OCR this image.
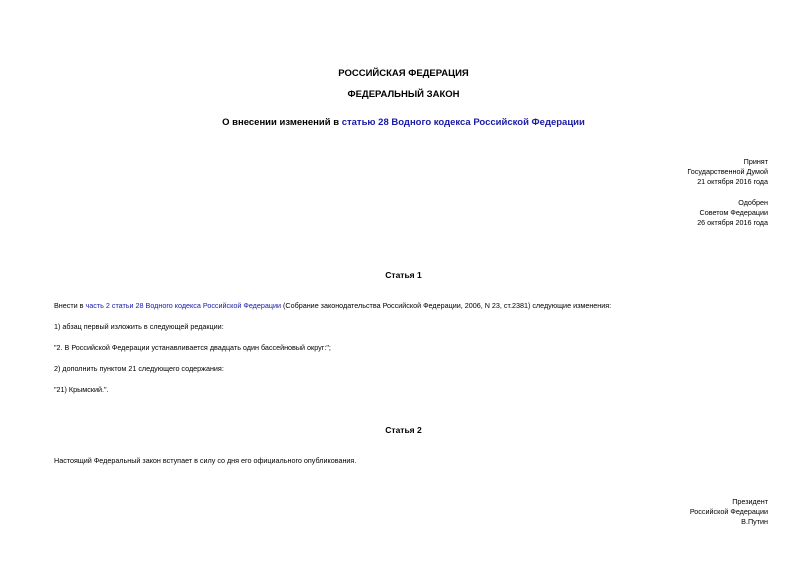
РОССИЙСКАЯ ФЕДЕРАЦИЯ
ФЕДЕРАЛЬНЫЙ ЗАКОН
О внесении изменений в статью 28 Водного кодекса Российской Федерации
Принят
Государственной Думой
21 октября 2016 года
Одобрен
Советом Федерации
26 октября 2016 года
Статья 1
Внести в часть 2 статьи 28 Водного кодекса Российской Федерации (Собрание законодательства Российской Федерации, 2006, N 23, ст.2381) следующие изменения:
1) абзац первый изложить в следующей редакции:
"2. В Российской Федерации устанавливается двадцать один бассейновый округ:";
2) дополнить пунктом 21 следующего содержания:
"21) Крымский.".
Статья 2
Настоящий Федеральный закон вступает в силу со дня его официального опубликования.
Президент
Российской Федерации
В.Путин
